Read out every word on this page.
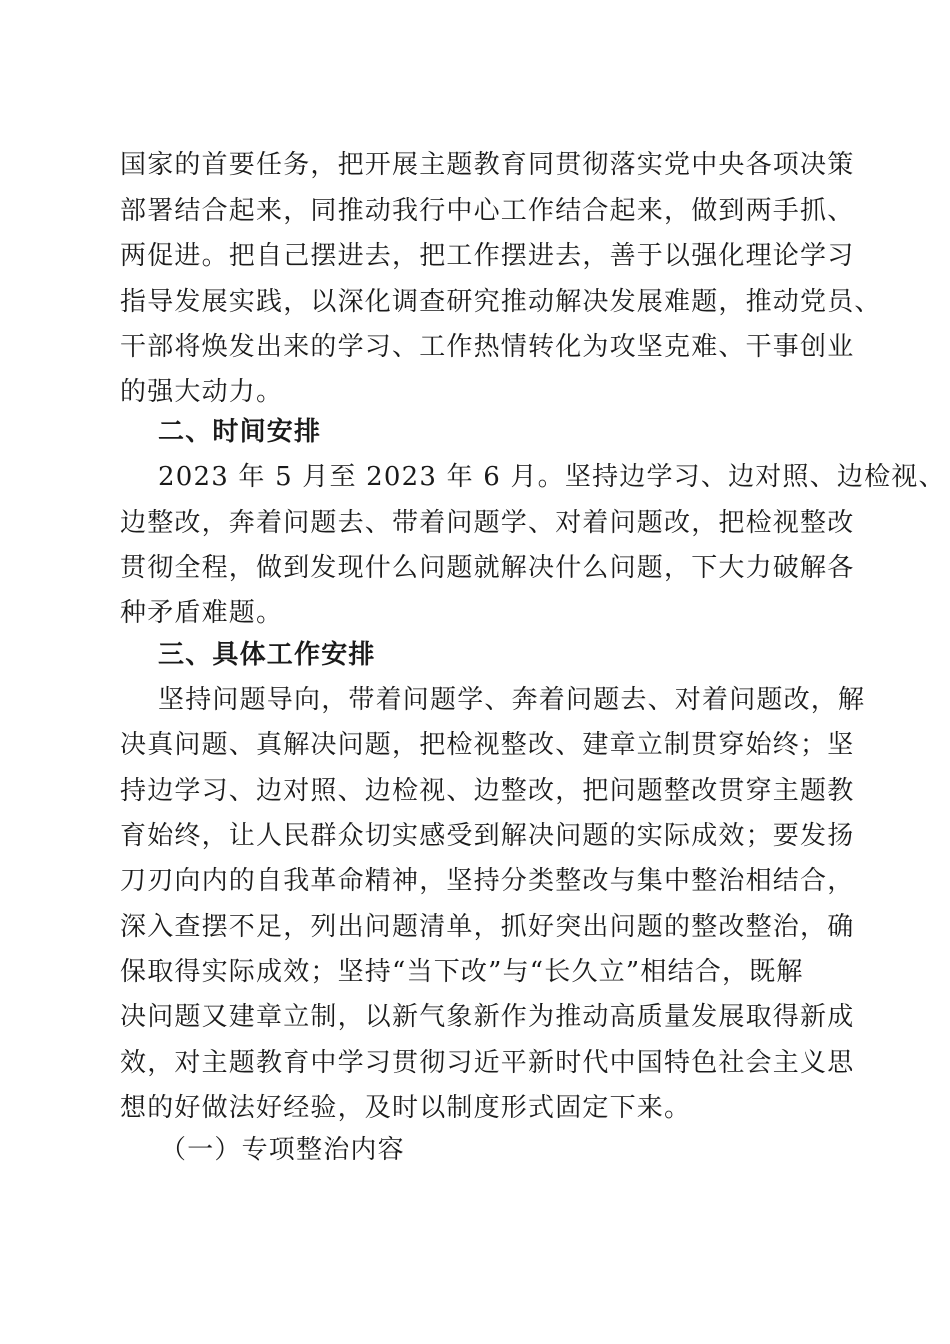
国家的首要任务，把开展主题教育同贯彻落实党中央各项决策
部署结合起来，同推动我行中心工作结合起来，做到两手抓、
两促进。把自己摆进去，把工作摆进去，善于以强化理论学习
指导发展实践，以深化调查研究推动解决发展难题，推动党员、
干部将焕发出来的学习、工作热情转化为攻坚克难、干事创业
的强大动力。
二、时间安排
2023 年 5 月至 2023 年 6 月。坚持边学习、边对照、边检视、
边整改，奔着问题去、带着问题学、对着问题改，把检视整改
贯彻全程，做到发现什么问题就解决什么问题，下大力破解各
种矛盾难题。
三、具体工作安排
坚持问题导向，带着问题学、奔着问题去、对着问题改，解
决真问题、真解决问题，把检视整改、建章立制贯穿始终；坚
持边学习、边对照、边检视、边整改，把问题整改贯穿主题教
育始终，让人民群众切实感受到解决问题的实际成效；要发扬
刀刃向内的自我革命精神，坚持分类整改与集中整治相结合，
深入查摆不足，列出问题清单，抓好突出问题的整改整治，确
保取得实际成效；坚持“当下改”与“长久立”相结合，既解
决问题又建章立制，以新气象新作为推动高质量发展取得新成
效，对主题教育中学习贯彻习近平新时代中国特色社会主义思
想的好做法好经验，及时以制度形式固定下来。
（一）专项整治内容
